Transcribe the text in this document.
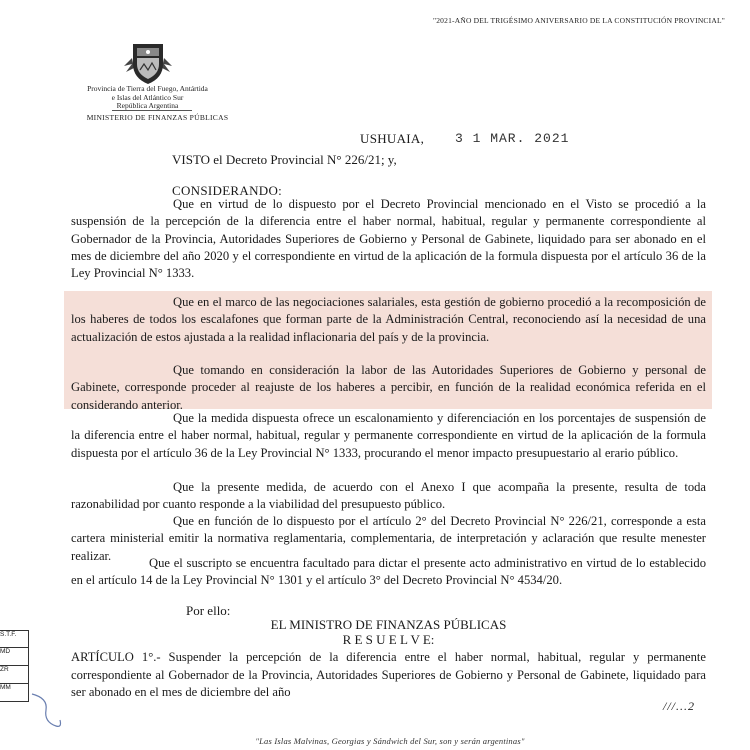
"2021-AÑO DEL TRIGÉSIMO ANIVERSARIO DE LA CONSTITUCIÓN PROVINCIAL"
Provincia de Tierra del Fuego, Antártida
e Islas del Atlántico Sur
República Argentina
MINISTERIO DE FINANZAS PÚBLICAS
USHUAIA, 3 1 MAR. 2021
VISTO el Decreto Provincial N° 226/21; y,
CONSIDERANDO:

Que en virtud de lo dispuesto por el Decreto Provincial mencionado en el Visto se procedió a la suspensión de la percepción de la diferencia entre el haber normal, habitual, regular y permanente correspondiente al Gobernador de la Provincia, Autoridades Superiores de Gobierno y Personal de Gabinete, liquidado para ser abonado en el mes de diciembre del año 2020 y el correspondiente en virtud de la aplicación de la formula dispuesta por el artículo 36 de la Ley Provincial N° 1333.

Que en el marco de las negociaciones salariales, esta gestión de gobierno procedió a la recomposición de los haberes de todos los escalafones que forman parte de la Administración Central, reconociendo así la necesidad de una actualización de estos ajustada a la realidad inflacionaria del país y de la provincia.

Que tomando en consideración la labor de las Autoridades Superiores de Gobierno y personal de Gabinete, corresponde proceder al reajuste de los haberes a percibir, en función de la realidad económica referida en el considerando anterior.

Que la medida dispuesta ofrece un escalonamiento y diferenciación en los porcentajes de suspensión de la diferencia entre el haber normal, habitual, regular y permanente correspondiente en virtud de la aplicación de la formula dispuesta por el artículo 36 de la Ley Provincial N° 1333, procurando el menor impacto presupuestario al erario público.

Que la presente medida, de acuerdo con el Anexo I que acompaña la presente, resulta de toda razonabilidad por cuanto responde a la viabilidad del presupuesto público.

Que en función de lo dispuesto por el artículo 2° del Decreto Provincial N° 226/21, corresponde a esta cartera ministerial emitir la normativa reglamentaria, complementaria, de interpretación y aclaración que resulte menester realizar.

Que el suscripto se encuentra facultado para dictar el presente acto administrativo en virtud de lo establecido en el artículo 14 de la Ley Provincial N° 1301 y el artículo 3° del Decreto Provincial N° 4534/20.

Por ello:
EL MINISTRO DE FINANZAS PÚBLICAS
R E S U E L V E:

ARTÍCULO 1°.- Suspender la percepción de la diferencia entre el haber normal, habitual, regular y permanente correspondiente al Gobernador de la Provincia, Autoridades Superiores de Gobierno y Personal de Gabinete, liquidado para ser abonado en el mes de diciembre del año

///...2
S.T.F.
MD
ZR
MM
"Las Islas Malvinas, Georgias y Sándwich del Sur, son y serán argentinas"
